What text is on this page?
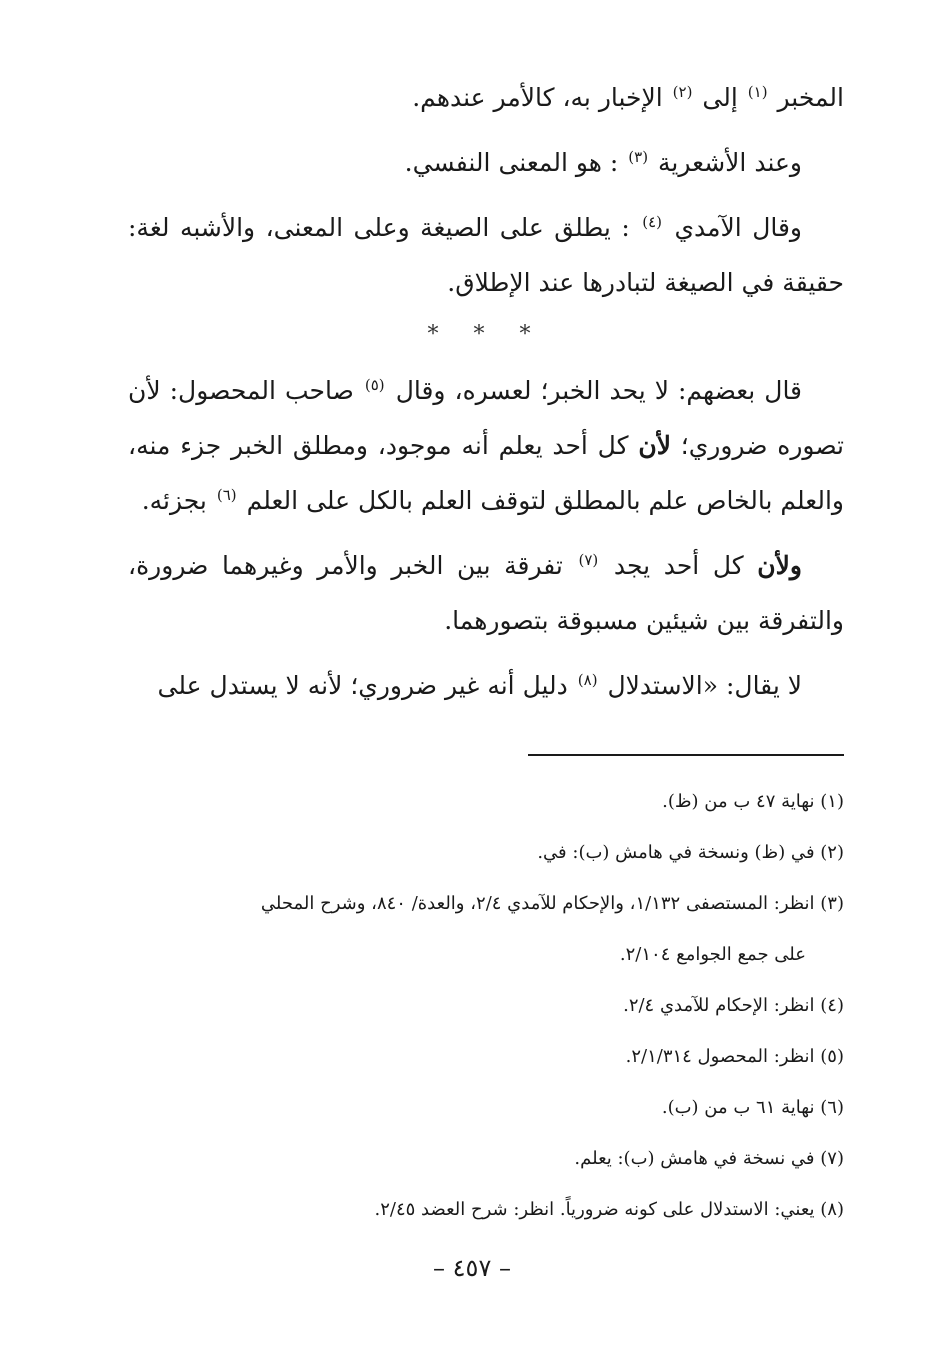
المخبر $^{(١)}$ إلى $^{(٢)}$ الإخبار به، كالأمر عندهم.

وعند الأشعرية $^{(٣)}$ : هو المعنى النفسي.

وقال الآمدي $^{(٤)}$ : يطلق على الصيغة وعلى المعنى، والأشبه لغة: حقيقة في الصيغة لتبادرها عند الإطلاق.

* * *

قال بعضهم: لا يحد الخبر؛ لعسره، وقال $^{(٥)}$ صاحب المحصول: لأن تصوره ضروري؛ لأن كل أحد يعلم أنه موجود، ومطلق الخبر جزء منه، والعلم بالخاص علم بالمطلق لتوقف العلم بالكل على العلم $^{(٦)}$ بجزئه.

ولأن كل أحد يجد $^{(٧)}$ تفرقة بين الخبر والأمر وغيرهما ضرورة، والتفرقة بين شيئين مسبوقة بتصورهما.

لا يقال: «الاستدلال $^{(٨)}$ دليل أنه غير ضروري؛ لأنه لا يستدل على

(١) نهاية ٤٧ ب من (ظ).

(٢) في (ظ) ونسخة في هامش (ب): في.

(٣) انظر: المستصفى ١/١٣٢، والإحكام للآمدي ٢/٤، والعدة/ ٨٤٠، وشرح المحلي

على جمع الجوامع ٢/١٠٤.

(٤) انظر: الإحكام للآمدي ٢/٤.

(٥) انظر: المحصول ٢/١/٣١٤.

(٦) نهاية ٦١ ب من (ب).

(٧) في نسخة في هامش (ب): يعلم.

(٨) يعني: الاستدلال على كونه ضرورياً. انظر: شرح العضد ٢/٤٥.

– ٤٥٧ –
